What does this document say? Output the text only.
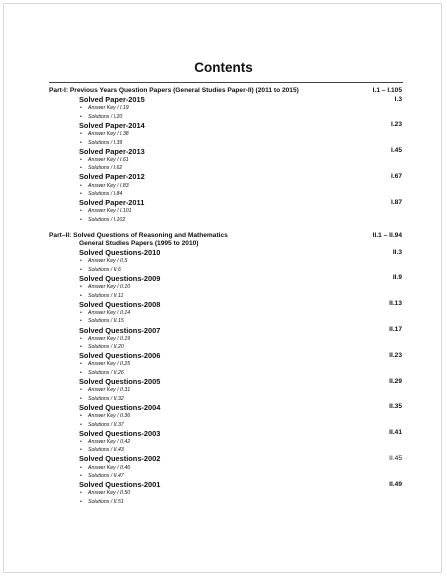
Contents
Part-I: Previous Years Question Papers (General Studies Paper-II) (2011 to 2015)	I.1 – I.105
Solved Paper-2015	I.3
• Answer Key / I.19
• Solutions / I.20
Solved Paper-2014	I.23
• Answer Key / I.38
• Solutions / I.39
Solved Paper-2013	I.45
• Answer Key / I.61
• Solutions / I.62
Solved Paper-2012	I.67
• Answer Key / I.83
• Solutions / I.84
Solved Paper-2011	I.87
• Answer Key / I.101
• Solutions / I.102
Part–II: Solved Questions of Reasoning and Mathematics	II.1 – II.94
General Studies Papers (1995 to 2010)
Solved Questions-2010	II.3
• Answer Key / II.5
• Solutions / II.6
Solved Questions-2009	II.9
• Answer Key / II.10
• Solutions / II.11
Solved Questions-2008	II.13
• Answer Key / II.14
• Solutions / II.15
Solved Questions-2007	II.17
• Answer Key / II.19
• Solutions / II.20
Solved Questions-2006	II.23
• Answer Key / II.25
• Solutions / II.26
Solved Questions-2005	II.29
• Answer Key / II.31
• Solutions / II.32
Solved Questions-2004	II.35
• Answer Key / II.36
• Solutions / II.37
Solved Questions-2003	II.41
• Answer Key / II.42
• Solutions / II.43
Solved Questions-2002	II.45
• Answer Key / II.46
• Solutions / II.47
Solved Questions-2001	II.49
• Answer Key / II.50
• Solutions / II.51
